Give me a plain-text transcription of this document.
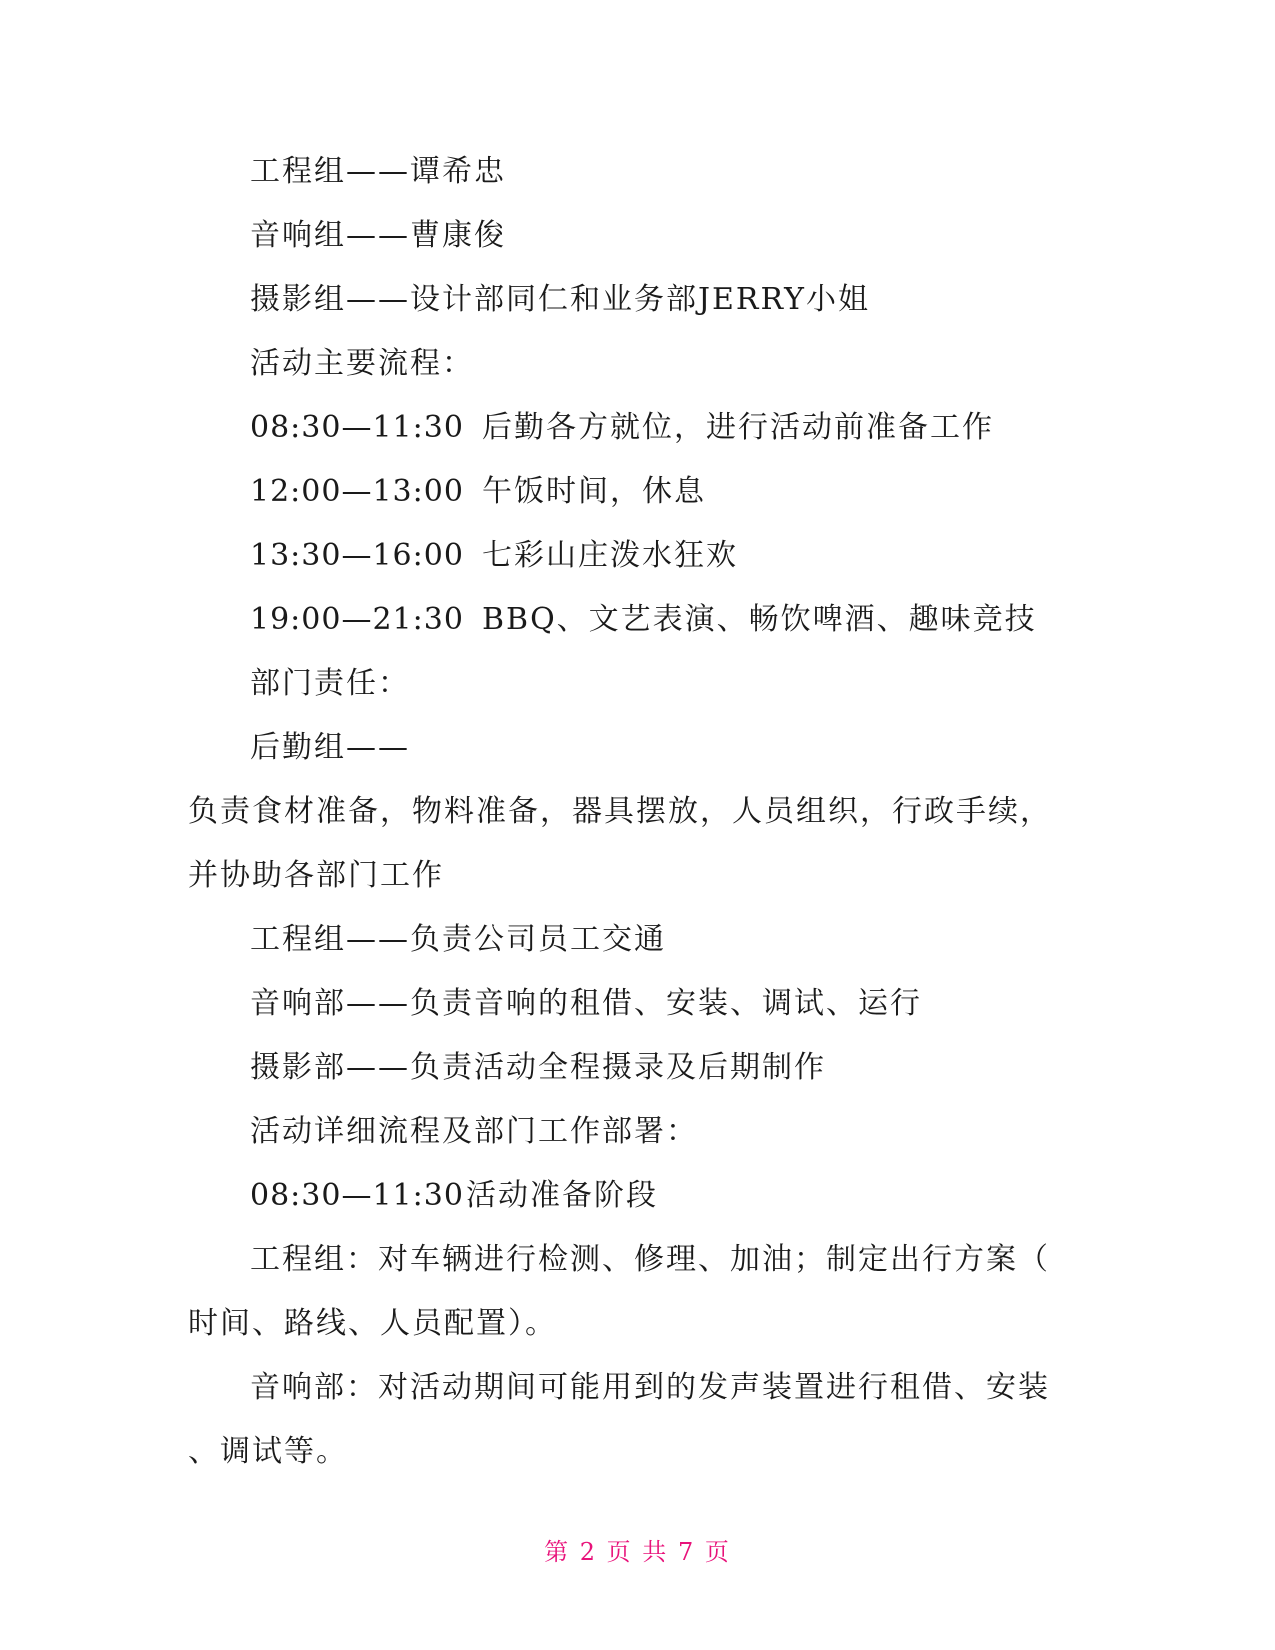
工程组——谭希忠
音响组——曹康俊
摄影组——设计部同仁和业务部JERRY小姐
活动主要流程：
08:30—11:30 后勤各方就位，进行活动前准备工作
12:00—13:00 午饭时间，休息
13:30—16:00 七彩山庄泼水狂欢
19:00—21:30 BBQ、文艺表演、畅饮啤酒、趣味竞技
部门责任：
后勤组——
负责食材准备，物料准备，器具摆放，人员组织，行政手续，
并协助各部门工作
工程组——负责公司员工交通
音响部——负责音响的租借、安装、调试、运行
摄影部——负责活动全程摄录及后期制作
活动详细流程及部门工作部署：
08:30—11:30活动准备阶段
工程组：对车辆进行检测、修理、加油；制定出行方案（
时间、路线、人员配置）。
音响部：对活动期间可能用到的发声装置进行租借、安装
、调试等。
第 2 页 共 7 页
